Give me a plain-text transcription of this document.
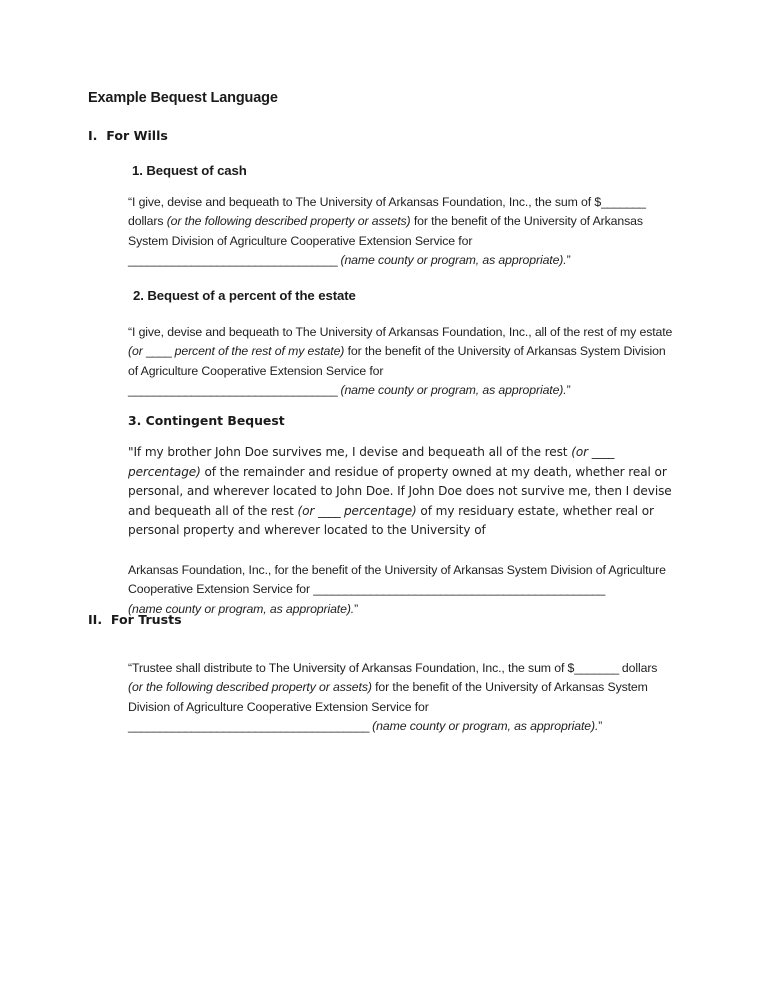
Example Bequest Language
I.  For Wills
1. Bequest of cash
“I give, devise and bequeath to The University of Arkansas Foundation, Inc., the sum of $_______ dollars (or the following described property or assets) for the benefit of the University of Arkansas System Division of Agriculture Cooperative Extension Service for
_________________________________ (name county or program, as appropriate).”
2. Bequest of a percent of the estate
“I give, devise and bequeath to The University of Arkansas Foundation, Inc., all of the rest of my estate (or ____ percent of the rest of my estate) for the benefit of the University of Arkansas System Division of Agriculture Cooperative Extension Service for
_________________________________ (name county or program, as appropriate).”
3. Contingent Bequest
"If my brother John Doe survives me, I devise and bequeath all of the rest (or ____ percentage) of the remainder and residue of property owned at my death, whether real or personal, and wherever located to John Doe. If John Doe does not survive me, then I devise and bequeath all of the rest (or ____ percentage) of my residuary estate, whether real or personal property and wherever located to the University of
Arkansas Foundation, Inc., for the benefit of the University of Arkansas System Division of Agriculture Cooperative Extension Service for ______________________________________________
(name county or program, as appropriate).”
II.  For Trusts
“Trustee shall distribute to The University of Arkansas Foundation, Inc., the sum of $_______ dollars (or the following described property or assets) for the benefit of the University of Arkansas System Division of Agriculture Cooperative Extension Service for
______________________________________ (name county or program, as appropriate).”
